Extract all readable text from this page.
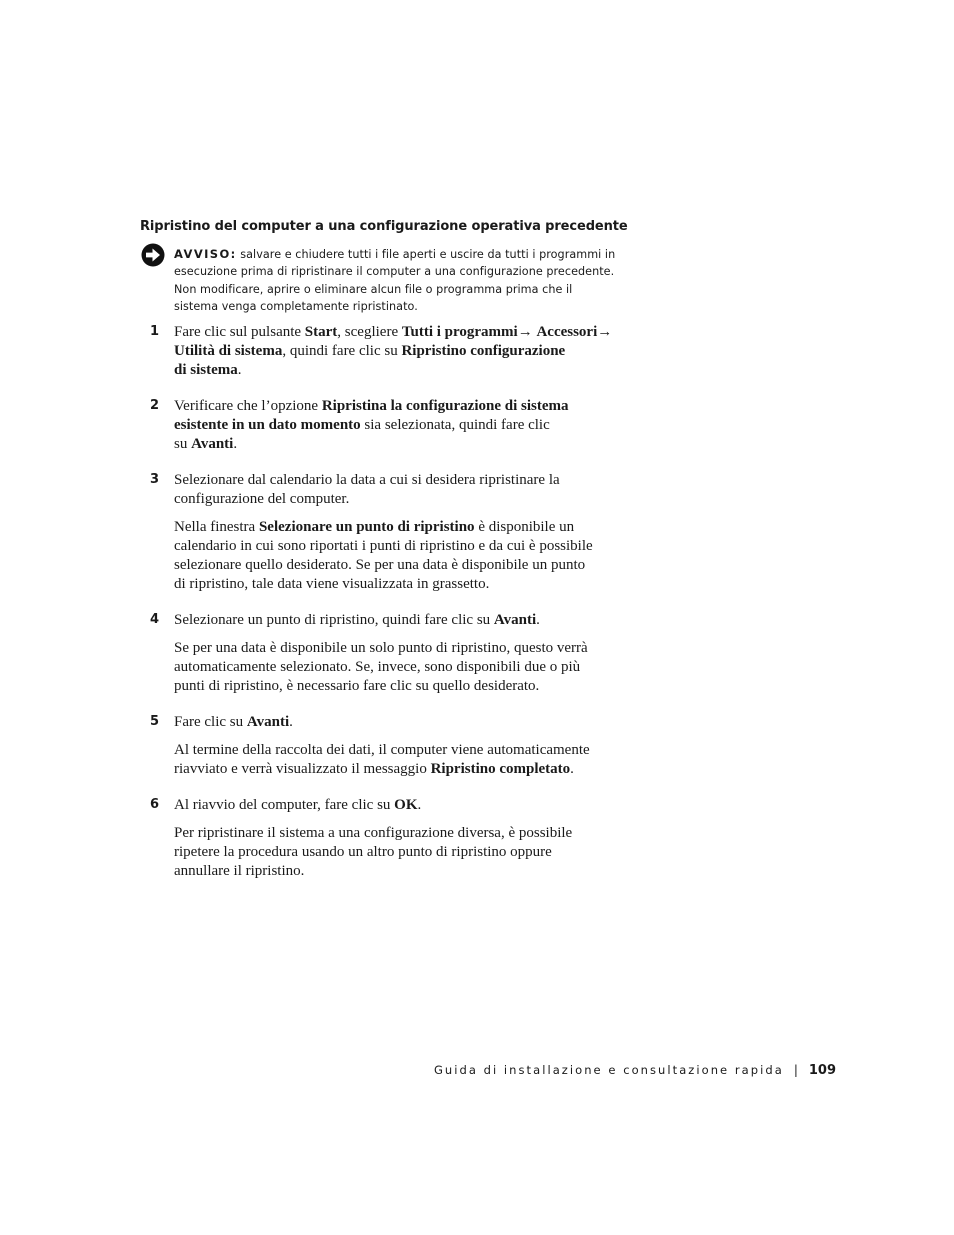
Ripristino del computer a una configurazione operativa precedente
AVVISO: salvare e chiudere tutti i file aperti e uscire da tutti i programmi in
esecuzione prima di ripristinare il computer a una configurazione precedente.
Non modificare, aprire o eliminare alcun file o programma prima che il
sistema venga completamente ripristinato.
1 Fare clic sul pulsante Start, scegliere Tutti i programmi→ Accessori→
Utilità di sistema, quindi fare clic su Ripristino configurazione
di sistema.
2 Verificare che l’opzione Ripristina la configurazione di sistema
esistente in un dato momento sia selezionata, quindi fare clic
su Avanti.
3 Selezionare dal calendario la data a cui si desidera ripristinare la
configurazione del computer.
Nella finestra Selezionare un punto di ripristino è disponibile un
calendario in cui sono riportati i punti di ripristino e da cui è possibile
selezionare quello desiderato. Se per una data è disponibile un punto
di ripristino, tale data viene visualizzata in grassetto.
4 Selezionare un punto di ripristino, quindi fare clic su Avanti.
Se per una data è disponibile un solo punto di ripristino, questo verrà
automaticamente selezionato. Se, invece, sono disponibili due o più
punti di ripristino, è necessario fare clic su quello desiderato.
5 Fare clic su Avanti.
Al termine della raccolta dei dati, il computer viene automaticamente
riavviato e verrà visualizzato il messaggio Ripristino completato.
6 Al riavvio del computer, fare clic su OK.
Per ripristinare il sistema a una configurazione diversa, è possibile
ripetere la procedura usando un altro punto di ripristino oppure
annullare il ripristino.
Guida di installazione e consultazione rapida | 109
